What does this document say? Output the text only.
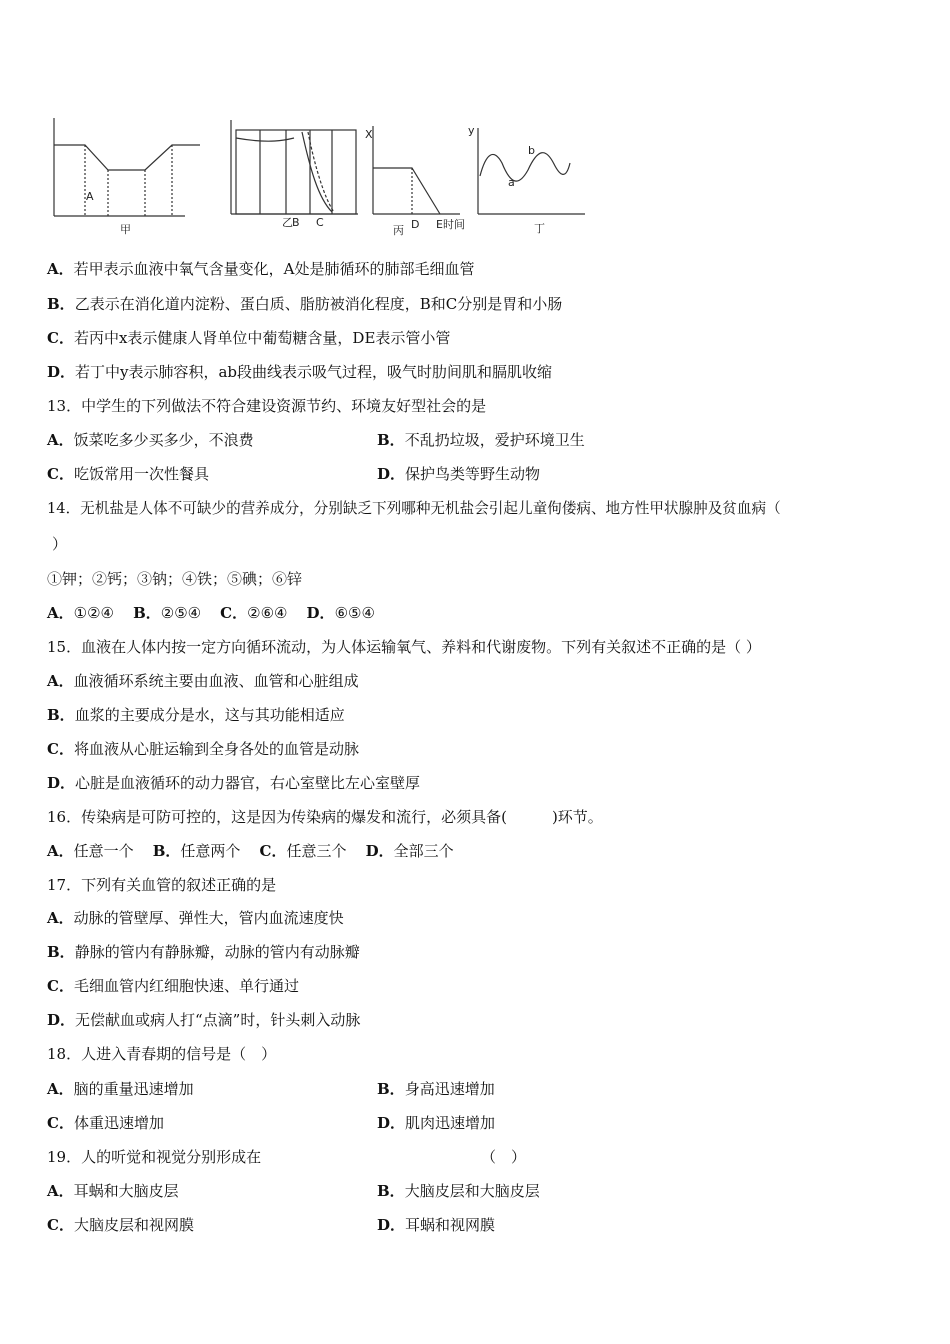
A
甲
乙 B C
X
D E时间
丙
y
a
b
丁
A．若甲表示血液中氧气含量变化，A处是肺循环的肺部毛细血管
B．乙表示在消化道内淀粉、蛋白质、脂肪被消化程度，B和C分别是胃和小肠
C．若丙中x表示健康人肾单位中葡萄糖含量，DE表示管小管
D．若丁中y表示肺容积，ab段曲线表示吸气过程，吸气时肋间肌和膈肌收缩
13．中学生的下列做法不符合建设资源节约、环境友好型社会的是
A．饭菜吃多少买多少，不浪费	B．不乱扔垃圾，爱护环境卫生
C．吃饭常用一次性餐具	D．保护鸟类等野生动物
14．无机盐是人体不可缺少的营养成分，分别缺乏下列哪种无机盐会引起儿童佝偻病、地方性甲状腺肿及贫血病（
）
①钾；②钙；③钠；④铁；⑤碘；⑥锌
A．①②④ B．②⑤④ C．②⑥④ D．⑥⑤④
15．血液在人体内按一定方向循环流动，为人体运输氧气、养料和代谢废物。下列有关叙述不正确的是（ ）
A．血液循环系统主要由血液、血管和心脏组成
B．血浆的主要成分是水，这与其功能相适应
C．将血液从心脏运输到全身各处的血管是动脉
D．心脏是血液循环的动力器官，右心室壁比左心室壁厚
16．传染病是可防可控的，这是因为传染病的爆发和流行，必须具备(　　　)环节。
A．任意一个 B．任意两个 C．任意三个 D．全部三个
17．下列有关血管的叙述正确的是
A．动脉的管壁厚、弹性大，管内血流速度快
B．静脉的管内有静脉瓣，动脉的管内有动脉瓣
C．毛细血管内红细胞快速、单行通过
D．无偿献血或病人打“点滴”时，针头刺入动脉
18．人进入青春期的信号是（　）
A．脑的重量迅速增加	B．身高迅速增加
C．体重迅速增加	D．肌肉迅速增加
19．人的听觉和视觉分别形成在	（　）
A．耳蜗和大脑皮层	B．大脑皮层和大脑皮层
C．大脑皮层和视网膜	D．耳蜗和视网膜
